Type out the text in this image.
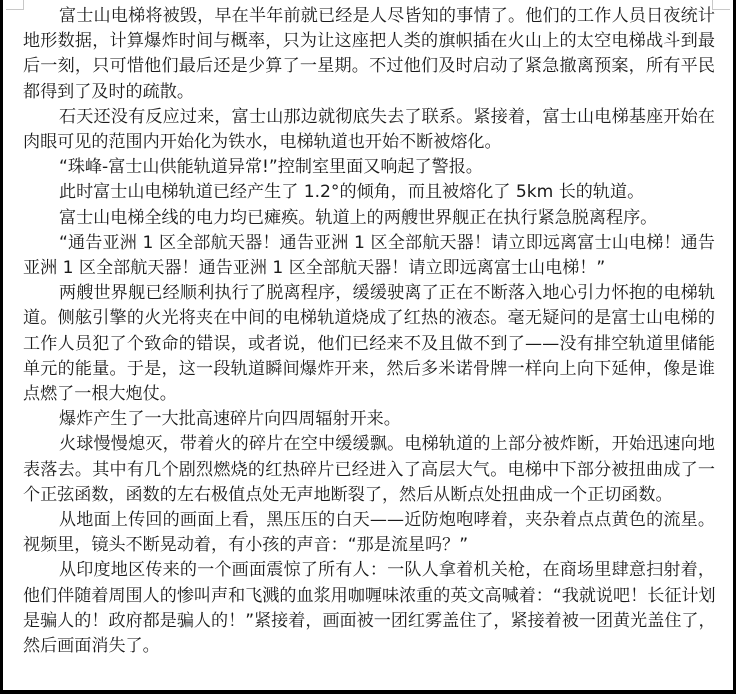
富士山电梯将被毁，早在半年前就已经是人尽皆知的事情了。他们的工作人员日夜统计
地形数据，计算爆炸时间与概率，只为让这座把人类的旗帜插在火山上的太空电梯战斗到最
后一刻，只可惜他们最后还是少算了一星期。不过他们及时启动了紧急撤离预案，所有平民
都得到了及时的疏散。

石天还没有反应过来，富士山那边就彻底失去了联系。紧接着，富士山电梯基座开始在
肉眼可见的范围内开始化为铁水，电梯轨道也开始不断被熔化。

“珠峰-富士山供能轨道异常!”控制室里面又响起了警报。

此时富士山电梯轨道已经产生了 1.2°的倾角，而且被熔化了 5km 长的轨道。

富士山电梯全线的电力均已瘫痪。轨道上的两艘世界舰正在执行紧急脱离程序。

“通告亚洲 1 区全部航天器！通告亚洲 1 区全部航天器！请立即远离富士山电梯！通告
亚洲 1 区全部航天器！通告亚洲 1 区全部航天器！请立即远离富士山电梯！”

两艘世界舰已经顺利执行了脱离程序，缓缓驶离了正在不断落入地心引力怀抱的电梯轨
道。侧舷引擎的火光将夹在中间的电梯轨道烧成了红热的液态。毫无疑问的是富士山电梯的
工作人员犯了个致命的错误，或者说，他们已经来不及且做不到了——没有排空轨道里储能
单元的能量。于是，这一段轨道瞬间爆炸开来，然后多米诺骨牌一样向上向下延伸，像是谁
点燃了一根大炮仗。

爆炸产生了一大批高速碎片向四周辐射开来。

火球慢慢熄灭，带着火的碎片在空中缓缓飘。电梯轨道的上部分被炸断，开始迅速向地
表落去。其中有几个剧烈燃烧的红热碎片已经进入了高层大气。电梯中下部分被扭曲成了一
个正弦函数，函数的左右极值点处无声地断裂了，然后从断点处扭曲成一个正切函数。

从地面上传回的画面上看，黑压压的白天——近防炮咆哮着，夹杂着点点黄色的流星。
视频里，镜头不断晃动着，有小孩的声音：“那是流星吗？”

从印度地区传来的一个画面震惊了所有人：一队人拿着机关枪，在商场里肆意扫射着，
他们伴随着周围人的惨叫声和飞溅的血浆用咖喱味浓重的英文高喊着：“我就说吧！长征计划
是骗人的！政府都是骗人的！”紧接着，画面被一团红雾盖住了，紧接着被一团黄光盖住了，
然后画面消失了。
